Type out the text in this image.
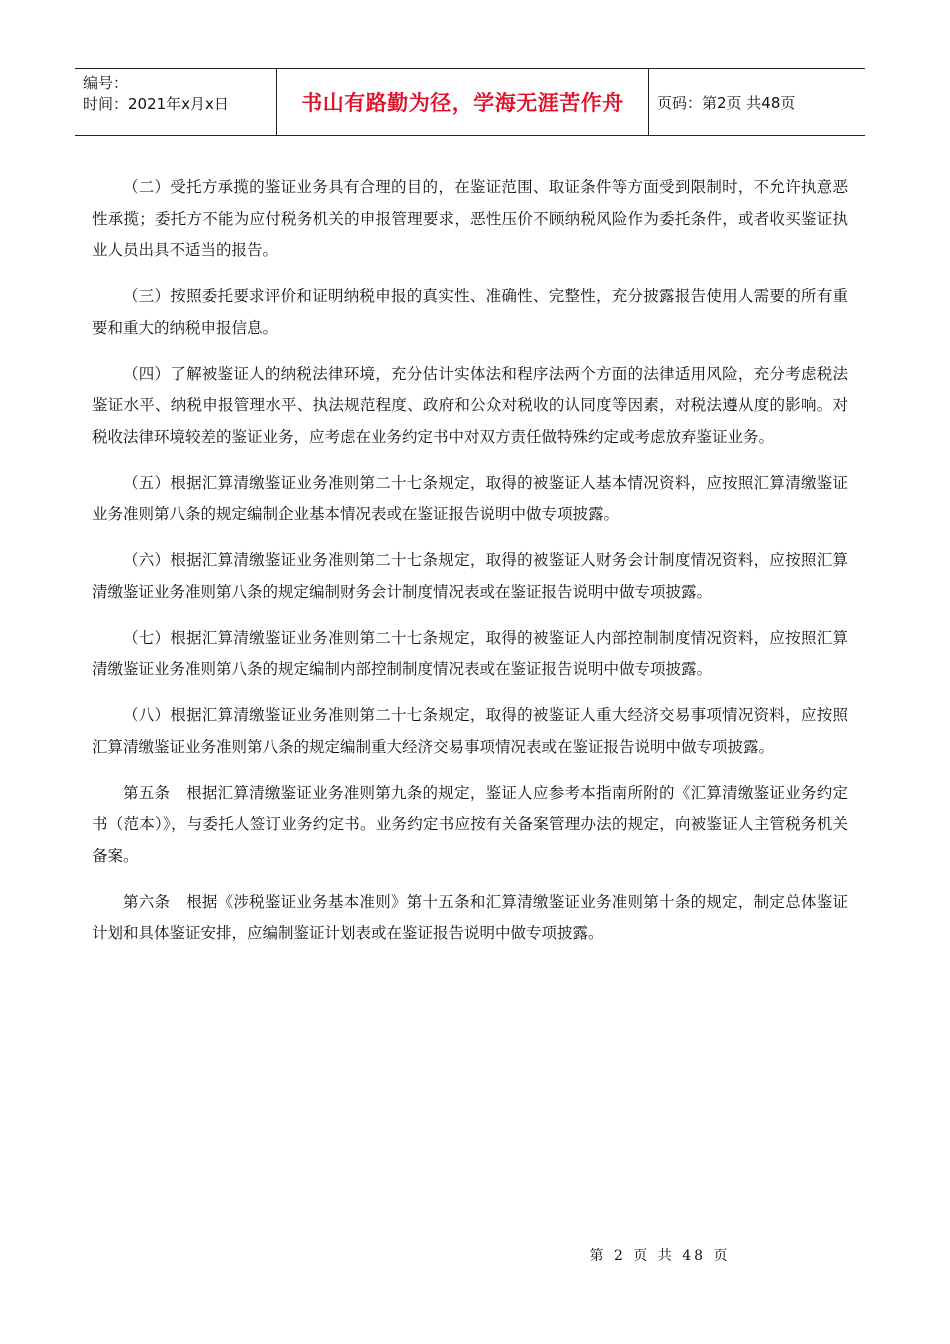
编号：
时间：2021年x月x日	书山有路勤为径，学海无涯苦作舟	页码：第2页 共48页

（二）受托方承揽的鉴证业务具有合理的目的，在鉴证范围、取证条件等方面受到限制时，不允许执意恶性承揽；委托方不能为应付税务机关的申报管理要求，恶性压价不顾纳税风险作为委托条件，或者收买鉴证执业人员出具不适当的报告。

（三）按照委托要求评价和证明纳税申报的真实性、准确性、完整性，充分披露报告使用人需要的所有重要和重大的纳税申报信息。

（四）了解被鉴证人的纳税法律环境，充分估计实体法和程序法两个方面的法律适用风险，充分考虑税法鉴证水平、纳税申报管理水平、执法规范程度、政府和公众对税收的认同度等因素，对税法遵从度的影响。对税收法律环境较差的鉴证业务，应考虑在业务约定书中对双方责任做特殊约定或考虑放弃鉴证业务。

（五）根据汇算清缴鉴证业务准则第二十七条规定，取得的被鉴证人基本情况资料，应按照汇算清缴鉴证业务准则第八条的规定编制企业基本情况表或在鉴证报告说明中做专项披露。

（六）根据汇算清缴鉴证业务准则第二十七条规定，取得的被鉴证人财务会计制度情况资料，应按照汇算清缴鉴证业务准则第八条的规定编制财务会计制度情况表或在鉴证报告说明中做专项披露。

（七）根据汇算清缴鉴证业务准则第二十七条规定，取得的被鉴证人内部控制制度情况资料，应按照汇算清缴鉴证业务准则第八条的规定编制内部控制制度情况表或在鉴证报告说明中做专项披露。

（八）根据汇算清缴鉴证业务准则第二十七条规定，取得的被鉴证人重大经济交易事项情况资料，应按照汇算清缴鉴证业务准则第八条的规定编制重大经济交易事项情况表或在鉴证报告说明中做专项披露。

第五条　根据汇算清缴鉴证业务准则第九条的规定，鉴证人应参考本指南所附的《汇算清缴鉴证业务约定书（范本）》，与委托人签订业务约定书。业务约定书应按有关备案管理办法的规定，向被鉴证人主管税务机关备案。

第六条　根据《涉税鉴证业务基本准则》第十五条和汇算清缴鉴证业务准则第十条的规定，制定总体鉴证计划和具体鉴证安排，应编制鉴证计划表或在鉴证报告说明中做专项披露。

第 2 页 共 48 页
